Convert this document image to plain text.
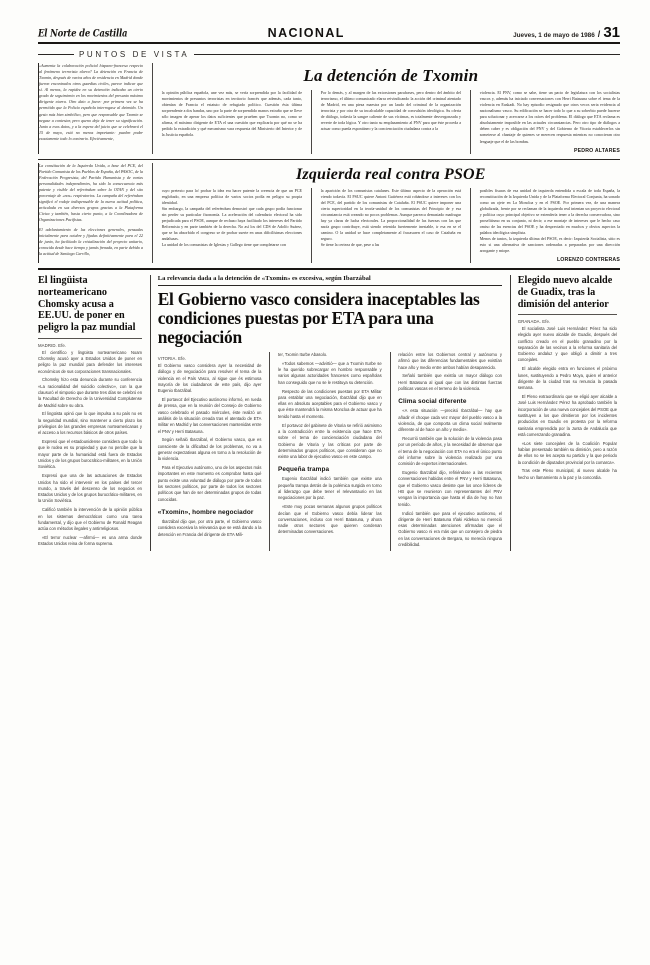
El Norte de Castilla	NACIONAL	Jueves, 1 de mayo de 1986 / 31
PUNTOS DE VISTA
«Aumenta la colaboración policial hispano-francesa respecto al fenómeno terrorista elarra? La detención en Francia de Txomin, después de varios años de residencia en Madrid donde fueron encontrados otros guardias civiles, parece indicar que sí. Al menos, la rapidez en su detención indicaba un cierto grado de seguimiento en los movimientos del presunto máximo dirigente etarra. Otro dato a favor: por primera vez se ha permitido que la Policía española interrogase al detenido. Un gesto más bien simbólico, pero que responsable que Txomin se negase a contestar, pero queno deja de tener su significación. Junto a esos datos, y a la espera del juicio que se celebrará el 15 de mayo, está no menos importante: pueden poder exactamente todo lo contrario. Efectivamente,
La detención de Txomin
la opinión pública española, une vez más, se vería sorprendida por la facilidad de movimientos de presuntos terroristas en territorio francés que además, cada tanto, obtenían de Francia el estatuto de refugiado político. Cuestión ésta última sorprendente a dos bandas, uno por la parte de sorprendido manos extraño que se lleve sólo imagen de aperar los datos suficientes que prueben que Txomin no, como se afirma, el máximo dirigente de ETA el una cuestión que explicaría por qué no se ha pedido la extradición y qué mecanismo vara respuesta del Ministerio del Interior y de la Justicia española.
Por lo demás, y al margen de las extorsiones parafrases, pero dentro del ámbito del terrorismo, el último comunicado elarra reivindicando la acción del criminal atentado de Madrid, en una pieza maestra por un laudo del criminal de la organización terrorista y por otra de su incalculable capacidad de convulsión ideológica. Su oferta de diálogo, todavía la sangre caliente de sus víctimas, es totalmente desvergonzada y reverte de toda lógica. Y otro tanto su emplazamiento al PNV para que éste proceda a actuar como pueda espontáneo y la concienciación ciudadana contra a la
violencia. El PNV, como se sabe, tiene un pacto de legislatura con los socialistas vascos y, además ha iniciado conversaciones con Herri Batasuna sobre el tema de la violencia en Euskadi. No hay episodio resignado que otros vecos seria evidencia al nacionalismo vasco. Su edificación se hacer todo lo que a su soberbio puede hacerse para solucionar y acercarse a los raíces del problema. El diálogo que ETA reclama es absolutamente imposible en las actuales circunstancias. Pero otro tipo de diálogos a deben caber y es obligación del PNV y del Gobierno de Vitoria establecerlos sin someterse al chantaje de quienes se merecen respuesta mientras no conocieran otro lenguaje que el de las bombas.
PEDRO ALTARES
La constitución de la Izquierda Unida, a base del PCE, del Partido Comunista de los Pueblos de España, del PASOC, de la Federación Progresista, del Partido Humanista y de varias personalidades independientes, ha sido la consecuencia más patente y visible del referéndum sobre la OTAN y del sito porcentaje de «nos» respiratorios. La campaña del referéndum significó el rodaje indispensable de la nueva actitud política, articulada en sus diversos grupos gracias a la Plataforma Cívica y también, hasta cierto punto, a la Coordinadora de Organizaciones Pacifistas.
El adelantamiento de las elecciones generales, pensadas inicialmente para octubre y fijadas definitivamente para el 22 de junio, ha facilitado la cristalización del proyecto unitario, conocida desde hace tiempo y jamás frenada, en parte debido a la actitud de Santiago Carrillo,
Izquierda real contra PSOE
cuyo pretexto para lo/ probar la idea era hacer patente la creencia de que un PCE englobado, en una empresa política de varios socios podía en peligro su propia identidad.
Sin embargo, la campaña del referéndum demostró que cada grupo podía funcionar sin perder su particular fisonomía. La aceleración del calendario electoral ha sido perjudicada para el PSOE, aunque de rechazo haya facilitado los intereses del Partido Reformista y en parte también de la derecha. No así los del CDS de Adolfo Suárez, que se ha absorbido el congreso se de probar suerte en unas dificilísimas elecciones andaluzas.
La unidad de los comunistas de Iglesias y Gallego tiene que completarse con
la aparición de los comunistas catalanes. Este último aspecto de la operación está viendo todavía. El PSUC quiere Antoni Gutiérrez está robándose a intereses con los del PCE, del partido de los comunistas de Cataluña. El PSUC quiere imponer una cierta superioridad en la teoría-unidad de los comunistas del Principio de y esa circunstancia está creando no pocos problemas. Aunque parezca demasiado madrugar hay ya claras de lucha electorales. La proporcionalidad de las fuerzas con las que nacía grupo contribuye, está siendo retenida fuertemente inestable, ir esa en se el camino. O la unidad se hace completamente al fracasaren el caso de Cataluña en seguro.
Se tiene la certeza de que, pese a las
posibles fisuras de esa unidad de izquierda entendida a escala de toda España, la reconstitución de la Izquierda Unida y de la Plataforma Electoral Conjunta, ha sonado como un ojete en La Moncloa y en el PSOE. Por primera vez, de una manera globalizada, frente por se reclaman de la izquierda real intentan un proyecto electoral y política cuyo principal objetivo se extendería tener a la derecha conservadora, sino proselitismo en su conjunto, ni decir; a ese montaje de intereses que le hecho caso omiso de las esencias del PSOE y ha despreciado en muchos y obvios aspectos la palabra ideológica simplista.
Menos de tantos, la izquierda última del PSOE, es decir: Izquierda Socialista, sitio es esto si una alternativa de sanciones ordenadas a preparadas por una dirección arrogante y miope.
LORENZO CONTRERAS
El lingüista norteamericano Chomsky acusa a EE.UU. de poner en peligro la paz mundial
MADRID. Efe.

El científico y lingüista norteamericano Noam Chomsky acusó ayer a Estados Unidos de poner en peligro la paz mundial para defender los intereses económicos de sus corporaciones transnacionales.

Chomsky hizo esta denuncia durante su conferencia «La racionalidad del suicidio colectivo», con la que clausuró el simposio que durante tres días se celebró en la Facultad de Derecho de la Universidad Complutense de Madrid sobre su obra.

El lingüista opinó que lo que impulsa a su país no es la seguridad mundial, sino mantener a cierto plazo los privilegios de las grandes empresas norteamericanas y el acceso a los recursos básicos de otros países.

Expresó que el estadounidense considera que todo lo que le rodea es su propiedad y que no percibe que la mayor parte de la humanidad está fuera de Estados Unidos y de los grupos burocrático-militares, en la Unión Soviética.

Expresó que una de las actuaciones de Estados Unidos ha sido el intervenir en los países del tercer mundo, a través del descenso de los negocios en Estados Unidos y de los grupos burocrático-militares, en la Unión Soviética.

Calificó también la intervención de la opinión pública en los sistemas democráticos como una tarea fundamental, y dijo que el Gobierno de Ronald Reagan actúa con métodos ilegales y antirreligiosos.

«El terror nuclear —afirmó— es una arma donde Estados Unidos reina de forma suprema.

La relevancia dada a la detención de «Txomin» es excesiva, según Ibarzábal
El Gobierno vasco considera inaceptables las condiciones puestas por ETA para una negociación
VITORIA. Efe.

El Gobierno vasco considera ayer la necesidad de diálogo y de negociación para resolver el tema de la violencia en el País Vasco, al sigue que és estimosa mayoría de los ciudadanos de este país, dijo ayer Eugenio Ibarzábal.

El portavoz del Ejecutivo autónomo informó, en rueda de prensa, que en la reunión del Consejo de Gobierno vasco celebrado el pasado miércoles, éste realizó un análisis de la situación creada tras el atentado de ETA militar en Madrid y las conversaciones mantenidas entre el PNV y Herri Batasuna.

Según señaló Ibarzábal, el Gobierno vasco, que es consciente de la dificultad de los problemas, no va a generar expectativas alguna en torno a la resolución de la violencia.

Para el Ejecutivo autónomo, uno de los aspectos más importantes en este momento es comprobar hasta qué punto existe una voluntad de diálogo por parte de todos los sectores políticos, por parte de todos los sectores políticos que han de ser determinadas grupos de todas conocidas.

«Txomin», hombre negociador

Ibarzábal dijo que, por otra parte, el Gobierno vasco considera excesiva la relevancia que se está dando a la detención en Francia del dirigente de ETA Mili-

ter, Txomin Iturbe Abasolo.

«Todos sabemos —advirtió— que a Txomin Iturbe se le ha querido sobrecargar en hombro responsable y varios algunas actoridades franceses como españolas han conseguido que no se le restituya su detención.

Respecto de las condiciones puestas por ETA Militar para entablar una negociación, Ibarzábal dijo que en ellas en absoluto aceptables para el Gobierno vasco y que éste mantendrá la misma Moncloa de actuar que ha tenido hasta el momento.

El portavoz del gabinete de Vitoria se refirió asimismo a la contradicción entre la existencia que hace ETA sobre el tema de concienciación ciudadana del Gobierno de Vitoria y las críticas por parte de determinados grupos políticos, que consideran que no existe una labor de ejecutivo vasco en este campo.

Pequeña trampa

Eugenio Ibarzábal indicó también que existe una pequeña trampa detrás de la polémica surgida en torno al liderazgo que debe tener el relevantaurio en las negociaciones por la paz.

«Este muy pocas semanas algunos grupos políticos decían que el Gobierno vasco debía liderar las conversaciones, incluso con Herri Batasuna, y ahora nadie otros sectores que quieren condenan determinadas conversaciones.

relación entre los Gobiernos central y autónomo y afirmó que las diferencias fundamentales que existían hace año y medio entre ambos habían desaparecido.

Señaló también que existía un mayor diálogo con Herri Batasuna al igual que con las distintas fuerzas políticas vascas en el terreno de la violencia.

Clima social diferente

«A esta situación —precisó Ibarzábal— hay que añadir el choque cada vez mayor del pueblo vasco a la violencia, de que comporta un clima social realmente diferente al de hace un año y medio».

Recurrió también que la solución de la violencia pasa por un período de años, y la necesidad de observar que el tema de la negociación con ETA no era el único punto del informe sobre la violencia realizado por una comisión de expertos internacionales.

Eugenio Ibarzábal dijo, refiriéndose a las recientes conversaciones habidas entre el PNV y Herri Batasuna, que el Gobierno vasco desiste que los once líderes de HB que se reunieron con representantes del PNV vengan la importancia que hasta el día de hoy no han tenido.

Indicó también que para el ejecutivo autónomo, el dirigente de Herri Batasuna Iñaki Aldekoa no mereció esas determinadas atenciones afirmadas que el Gobierno vasco ni era más que un consejero de piedra en las conversaciones de Bergara, no merecía ninguna credibilidad.

Elegido nuevo alcalde de Guadix, tras la dimisión del anterior
GRANADA. Efe.

El socialista José Luis Hernández Pérez ha sido elegido ayer nuevo alcalde de Guadix, después del conflicto creado en el pueblo granadino por la separación de las vecinos a la reforma sanitaria del Gobierno andaluz y que obligó a dimitir a tres concejales.

El alcalde elegido entra en funciones el próximo lunes, sustituyendo a Pedro Moya, quien el anterior dirigente de la ciudad tras su renuncia la pasada semana.

El Pleno extraordinario que se eligió ayer alcalde a José Luis Hernández Pérez ha aprobado también la incorporación de una nueva concejales del PSOE que sustituyen a los que dimitieron por los incidentes producidos en Guadix en protesta por la reforma sanitaria emprendida por la Junta de Andalucía que está comenzando granadina.

«Los siete concejales de la Coalición Popular habían presentado también su dimisión, pero a razón de ellos no se les acepta su partido y la que periodo la condición de diputados provincial por la comarca».

Tras este Pleno municipal, al nuevo alcalde ha hecho un llamamiento a la paz y la concordia.
